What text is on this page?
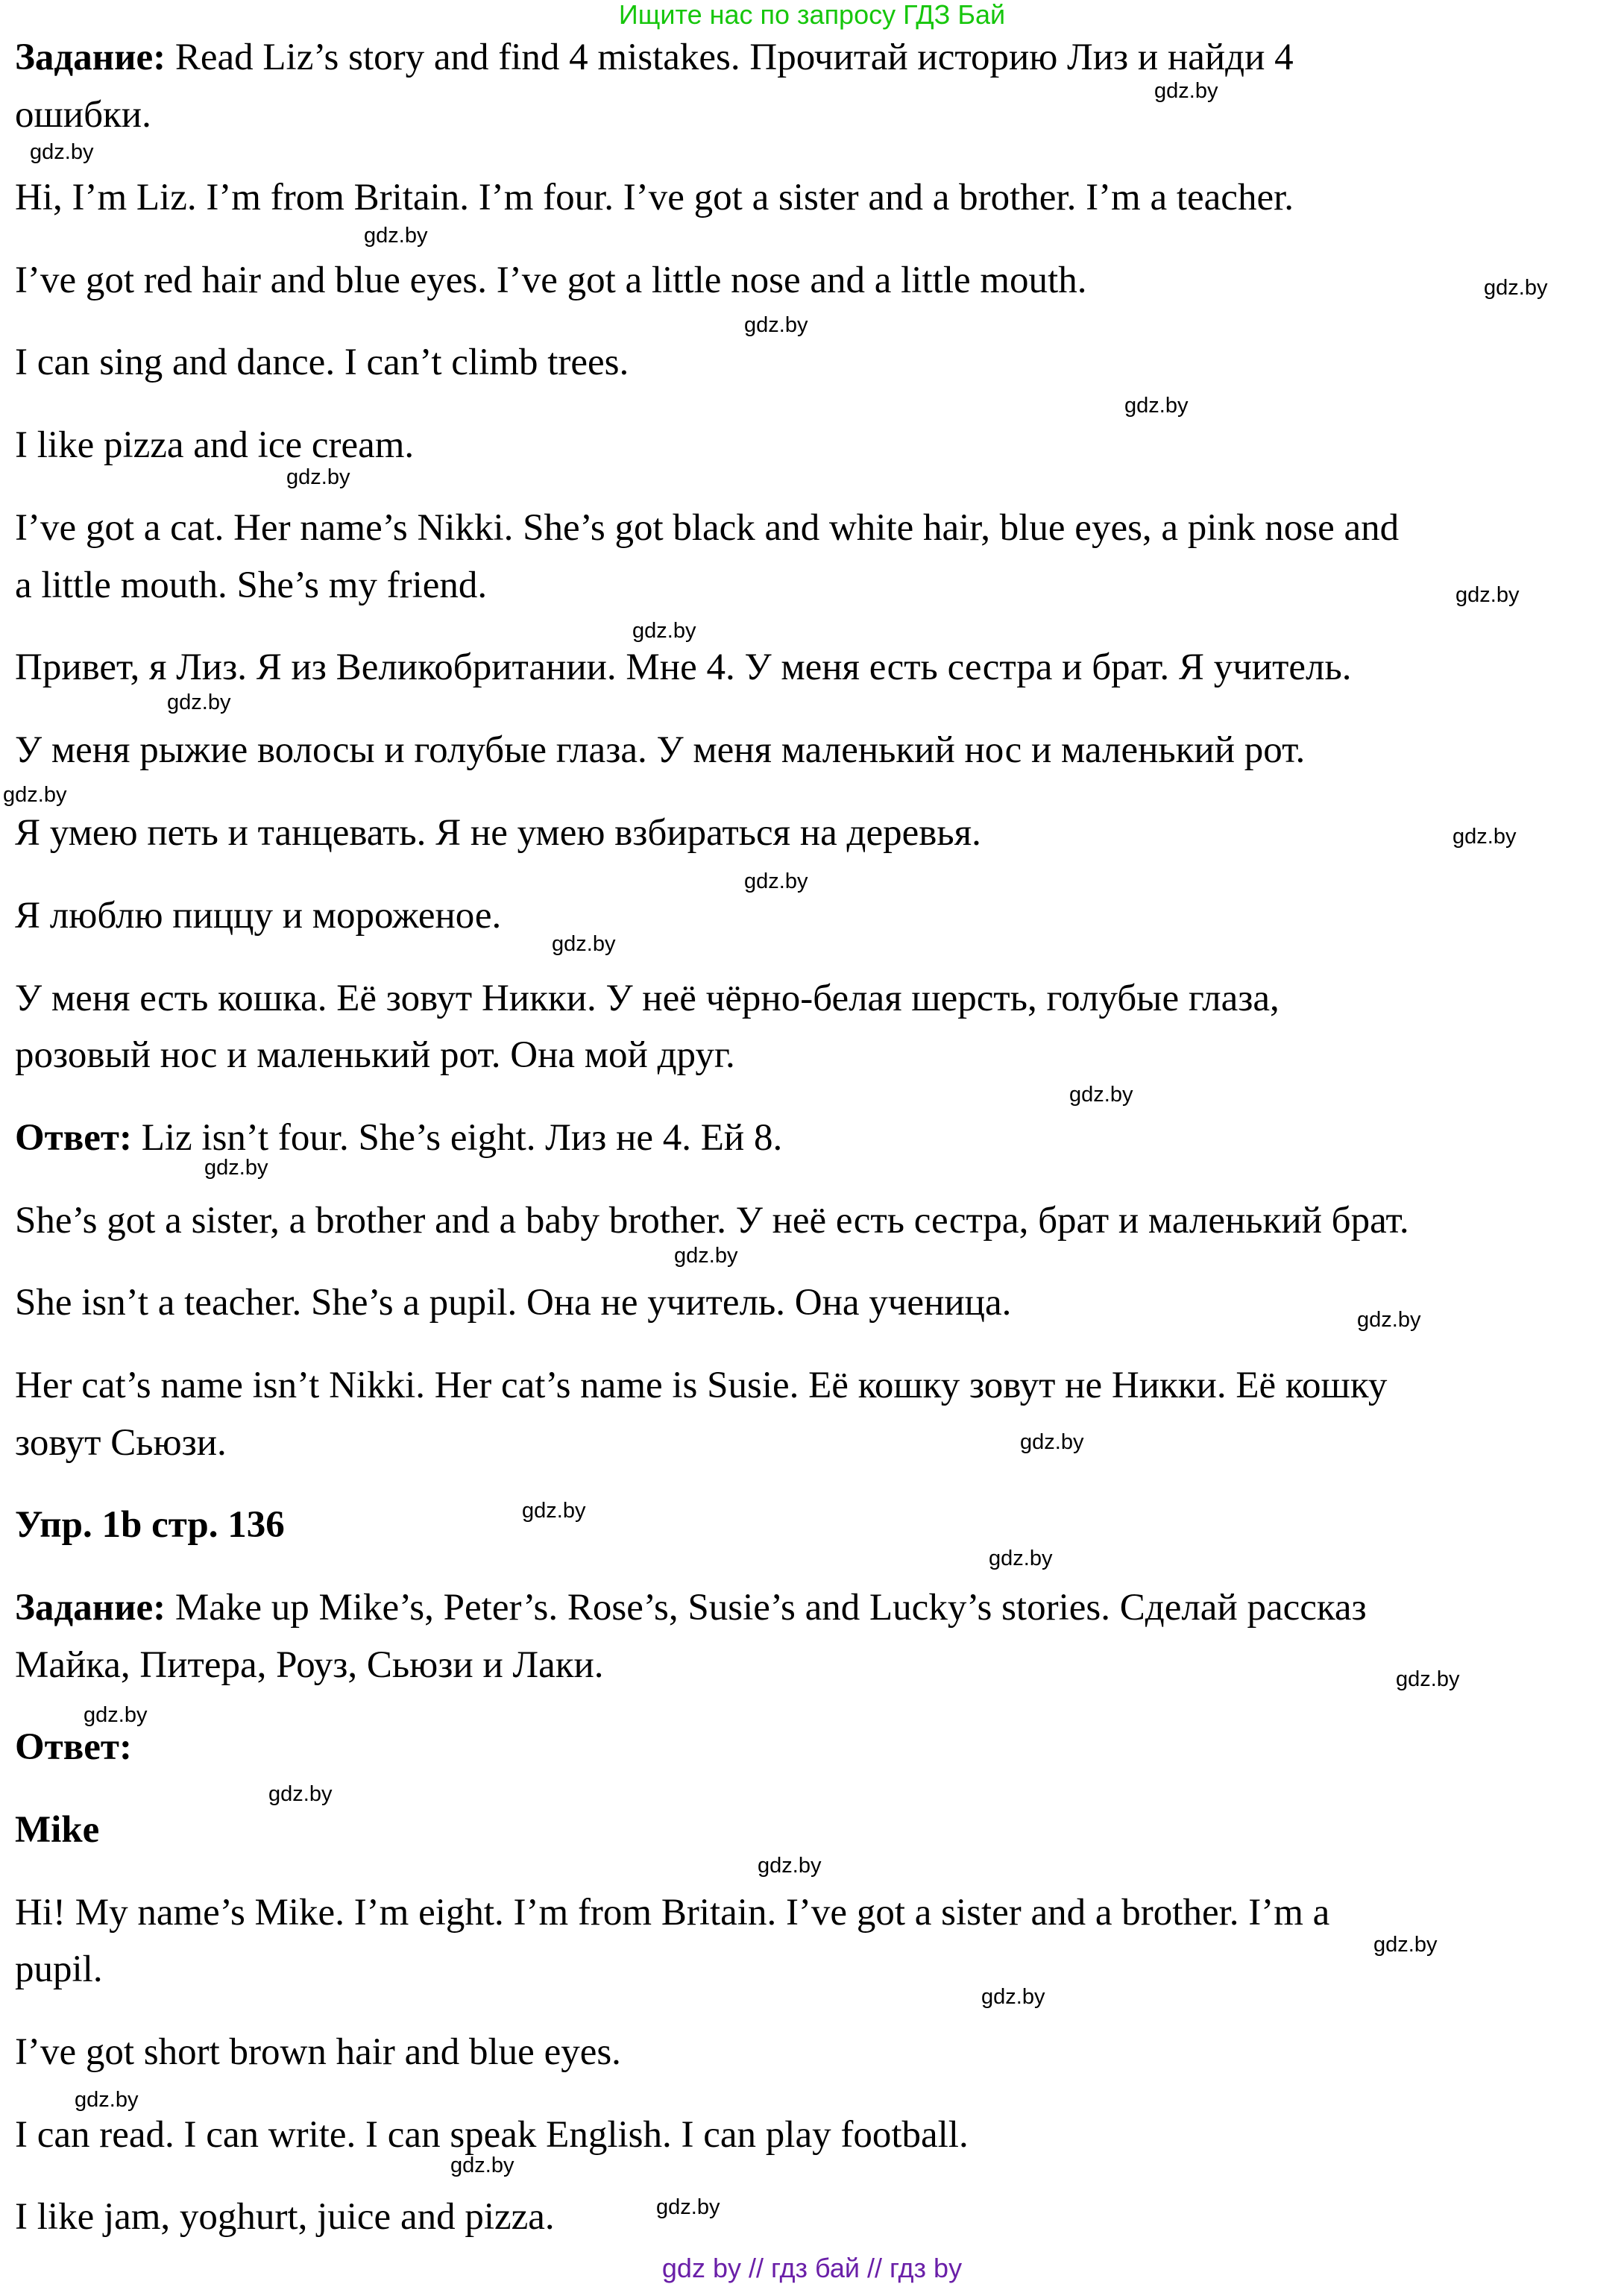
Ищите нас по запросу ГДЗ Бай
Задание: Read Liz’s story and find 4 mistakes. Прочитай историю Лиз и найди 4
ошибки.
Hi, I’m Liz. I’m from Britain. I’m four. I’ve got a sister and a brother. I’m a teacher.
I’ve got red hair and blue eyes. I’ve got a little nose and a little mouth.
I can sing and dance. I can’t climb trees.
I like pizza and ice cream.
I’ve got a cat. Her name’s Nikki. She’s got black and white hair, blue eyes, a pink nose and
a little mouth. She’s my friend.
Привет, я Лиз. Я из Великобритании. Мне 4. У меня есть сестра и брат. Я учитель.
У меня рыжие волосы и голубые глаза. У меня маленький нос и маленький рот.
Я умею петь и танцевать. Я не умею взбираться на деревья.
Я люблю пиццу и мороженое.
У меня есть кошка. Её зовут Никки. У неё чёрно-белая шерсть, голубые глаза,
розовый нос и маленький рот. Она мой друг.
Ответ: Liz isn’t four. She’s eight. Лиз не 4. Ей 8.
She’s got a sister, a brother and a baby brother. У неё есть сестра, брат и маленький брат.
She isn’t a teacher. She’s a pupil. Она не учитель. Она ученица.
Her cat’s name isn’t Nikki. Her cat’s name is Susie. Её кошку зовут не Никки. Её кошку
зовут Сьюзи.
Упр. 1b стр. 136
Задание: Make up Mike’s, Peter’s. Rose’s, Susie’s and Lucky’s stories. Сделай рассказ
Майка, Питера, Роуз, Сьюзи и Лаки.
Ответ:
Mike
Hi! My name’s Mike. I’m eight. I’m from Britain. I’ve got a sister and a brother. I’m a
pupil.
I’ve got short brown hair and blue eyes.
I can read. I can write. I can speak English. I can play football.
I like jam, yoghurt, juice and pizza.
gdz.by
gdz.by
gdz.by
gdz.by
gdz.by
gdz.by
gdz.by
gdz.by
gdz.by
gdz.by
gdz.by
gdz.by
gdz.by
gdz.by
gdz.by
gdz.by
gdz.by
gdz.by
gdz.by
gdz.by
gdz.by
gdz.by
gdz.by
gdz.by
gdz.by
gdz.by
gdz.by
gdz.by
gdz.by
gdz.by
gdz by // гдз бай // гдз by
